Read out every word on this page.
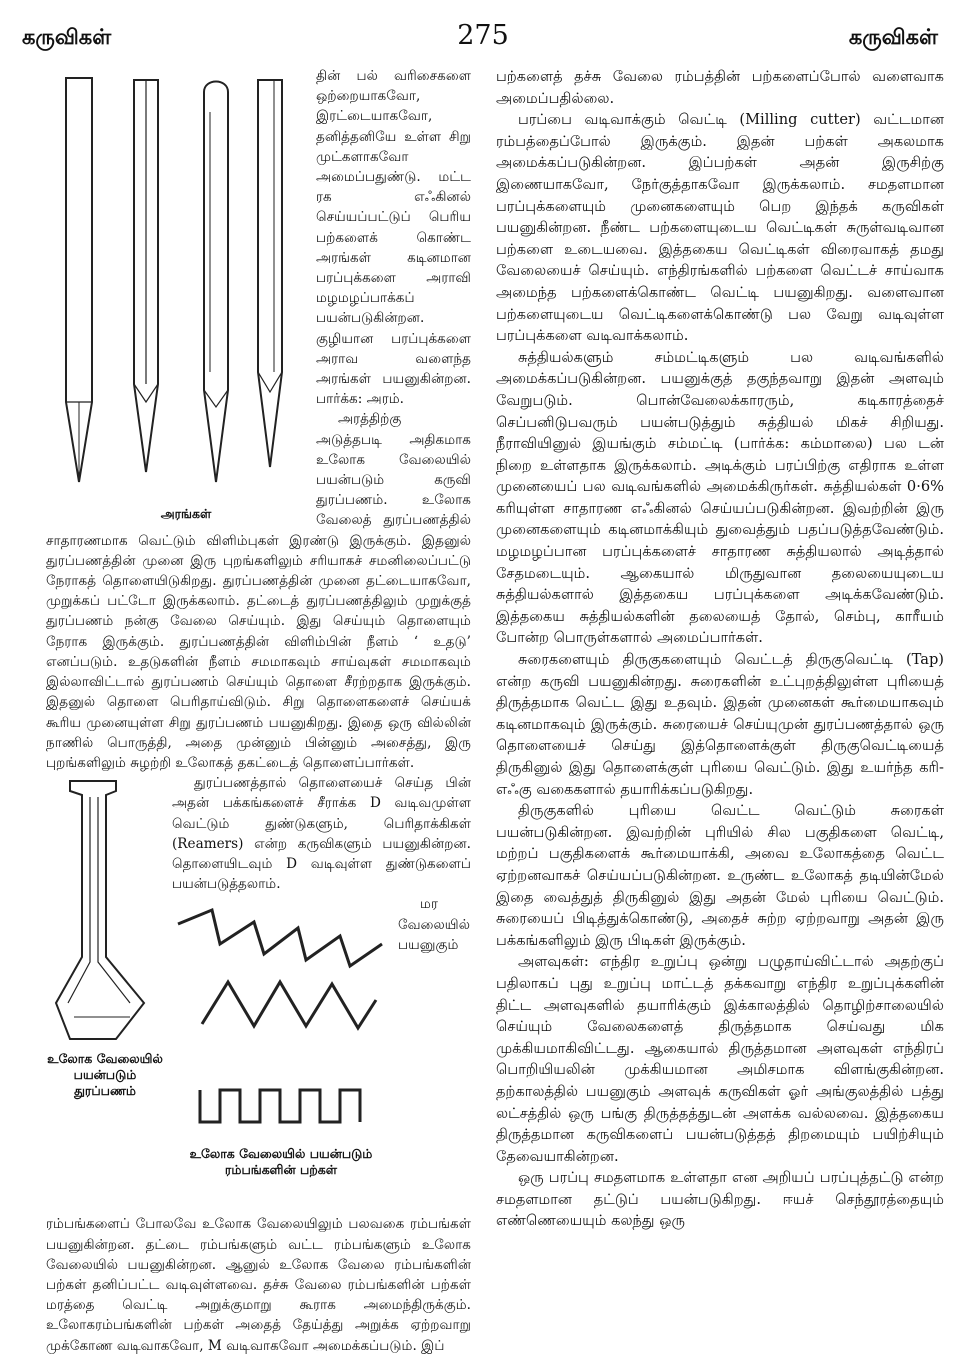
கருவிகள்	275	கருவிகள்
அரங்கள்

தின் பல் வரிசைகளை ஒற்றையாகவோ, இரட்டையாகவோ, தனித்தனியே உள்ள சிறு முட்களாகவோ அமைப்பதுண்டு. மட்ட ரக எஃகினல் செய்யப்பட்டுப் பெரிய பற்களைக் கொண்ட அரங்கள் கடினமான பரப்புக்களை அராவி மழமழப்பாக்கப் பயன்படுகின்றன. குழியான பரப்புக்களை அராவ வளைந்த அரங்கள் பயனுகின்றன. பார்க்க: அரம்.

அரத்திற்கு அடுத்தபடி அதிகமாக உலோக வேலையில் பயன்படும் கருவி துரப்பணம். உலோக வேலைத் துரப்பணத்தில் சாதாரணமாக வெட்டும் விளிம்புகள் இரண்டு இருக்கும். இதனுல் துரப்பணத்தின் முனை இரு புறங்களிலும் சரியாகச் சமனிலைப்பட்டு நேராகத் தொளையிடுகிறது. துரப்பணத்தின் முனை தட்டையாகவோ, முறுக்கப் பட்டோ இருக்கலாம். தட்டைத் துரப்பணத்திலும் முறுக்குத் துரப்பணம் நன்கு வேலை செய்யும். இது செய்யும் தொளையும் நேராக இருக்கும். துரப்பணத்தின் விளிம்பின் நீளம் ‘ உதடு’ எனப்படும். உதடுகளின் நீளம் சமமாகவும் சாய்வுகள் சமமாகவும் இல்லாவிட்டால் துரப்பணம் செய்யும் தொளை சீரற்றதாக இருக்கும். இதனுல் தொளை பெரிதாய்விடும். சிறு தொளைகளைச் செய்யக் கூரிய முனையுள்ள சிறு துரப்பணம் பயனுகிறது. இதை ஒரு வில்லின் நாணில் பொருத்தி, அதை முன்னும் பின்னும் அசைத்து, இரு புறங்களிலும் சுழற்றி உலோகத் தகட்டைத் தொளைப்பார்கள்.

உலோக வேலையில் பயன்படும் துரப்பணம்

துரப்பணத்தால் தொளையைச் செய்த பின் அதன் பக்கங்களைச் சீராக்க D வடிவமுள்ள வெட்டும் துண்டுகளும், பெரிதாக்கிகள் (Reamers) என்ற கருவிகளும் பயனுகின்றன. தொளையிடவும் D வடிவுள்ள துண்டுகளைப் பயன்படுத்தலாம்.

உலோக வேலையில் பயன்படும் ரம்பங்களின் பற்கள்

மர வேலையில் பயனுகும் ரம்பங்களைப் போலவே உலோக வேலையிலும் பலவகை ரம்பங்கள் பயனுகின்றன. தட்டை ரம்பங்களும் வட்ட ரம்பங்களும் உலோக வேலையில் பயனுகின்றன. ஆனுல் உலோக வேலை ரம்பங்களின் பற்கள் தனிப்பட்ட வடிவுள்ளவை. தச்சு வேலை ரம்பங்களின் பற்கள் மரத்தை வெட்டி அறுக்குமாறு கூராக அமைந்திருக்கும். உலோகரம்பங்களின் பற்கள் அதைத் தேய்த்து அறுக்க ஏற்றவாறு முக்கோண வடிவாகவோ, M வடிவாகவோ அமைக்கப்படும். இப்

பற்களைத் தச்சு வேலை ரம்பத்தின் பற்களைப்போல் வளைவாக அமைப்பதில்லை.

பரப்பை வடிவாக்கும் வெட்டி (Milling cutter) வட்டமான ரம்பத்தைப்போல் இருக்கும். இதன் பற்கள் அகலமாக அமைக்கப்படுகின்றன. இப்பற்கள் அதன் இருசிற்கு இணையாகவோ, நேர்குத்தாகவோ இருக்கலாம். சமதளமான பரப்புக்களையும் முனைகளையும் பெற இந்தக் கருவிகள் பயனுகின்றன. நீண்ட பற்களையுடைய வெட்டிகள் சுருள்வடிவான பற்களை உடையவை. இத்தகைய வெட்டிகள் விரைவாகத் தமது வேலையைச் செய்யும். எந்திரங்களில் பற்களை வெட்டச் சாய்வாக அமைந்த பற்களைக்கொண்ட வெட்டி பயனுகிறது. வளைவான பற்களையுடைய வெட்டிகளைக்கொண்டு பல வேறு வடிவுள்ள பரப்புக்களை வடிவாக்கலாம்.

சுத்தியல்களும் சம்மட்டிகளும் பல வடிவங்களில் அமைக்கப்படுகின்றன. பயனுக்குத் தகுந்தவாறு இதன் அளவும் வேறுபடும். பொன்வேலைக்காரரும், கடிகாரத்தைச் செப்பனிடுபவரும் பயன்படுத்தும் சுத்தியல் மிகச் சிறியது. நீராவியினுல் இயங்கும் சம்மட்டி (பார்க்க: கம்மாலை) பல டன் நிறை உள்ளதாக இருக்கலாம். அடிக்கும் பரப்பிற்கு எதிராக உள்ள முனையைப் பல வடிவங்களில் அமைக்கிருர்கள். சுத்தியல்கள் 0·6% கரியுள்ள சாதாரண எஃகினல் செய்யப்படுகின்றன. இவற்றின் இரு முனைகளையும் கடினமாக்கியும் துவைத்தும் பதப்படுத்தவேண்டும். மழமழப்பான பரப்புக்களைச் சாதாரண சுத்தியலால் அடித்தால் சேதமடையும். ஆகையால் மிருதுவான தலையையுடைய சுத்தியல்களால் இத்தகைய பரப்புக்களை அடிக்கவேண்டும். இத்தகைய சுத்தியல்களின் தலையைத் தோல், செம்பு, காரீயம் போன்ற பொருள்களால் அமைப்பார்கள்.

சுரைகளையும் திருகுகளையும் வெட்டத் திருகுவெட்டி (Tap) என்ற கருவி பயனுகின்றது. சுரைகளின் உட்புறத்திலுள்ள புரியைத் திருத்தமாக வெட்ட இது உதவும். இதன் முனைகள் கூர்மையாகவும் கடினமாகவும் இருக்கும். சுரையைச் செய்யுமுன் துரப்பணத்தால் ஒரு தொளையைச் செய்து இத்தொளைக்குள் திருகுவெட்டியைத் திருகினுல் இது தொளைக்குள் புரியை வெட்டும். இது உயர்ந்த கரி-எஃகு வகைகளால் தயாரிக்கப்படுகிறது.

திருகுகளில் புரியை வெட்ட வெட்டும் சுரைகள் பயன்படுகின்றன. இவற்றின் புரியில் சில பகுதிகளை வெட்டி, மற்றப் பகுதிகளைக் கூர்மையாக்கி, அவை உலோகத்தை வெட்ட ஏற்றனவாகச் செய்யப்படுகின்றன. உருண்ட உலோகத் தடியின்மேல் இதை வைத்துத் திருகினுல் இது அதன் மேல் புரியை வெட்டும். சுரையைப் பிடித்துக்கொண்டு, அதைச் சுற்ற ஏற்றவாறு அதன் இரு பக்கங்களிலும் இரு பிடிகள் இருக்கும்.

அளவுகள்: எந்திர உறுப்பு ஒன்று பழுதாய்விட்டால் அதற்குப் பதிலாகப் புது உறுப்பு மாட்டத் தக்கவாறு எந்திர உறுப்புக்களின் திட்ட அளவுகளில் தயாரிக்கும் இக்காலத்தில் தொழிற்சாலையில் செய்யும் வேலைகளைத் திருத்தமாக செய்வது மிக முக்கியமாகிவிட்டது. ஆகையால் திருத்தமான அளவுகள் எந்திரப் பொறியியலின் முக்கியமான அமிசமாக விளங்குகின்றன. தற்காலத்தில் பயனுகும் அளவுக் கருவிகள் ஓர் அங்குலத்தில் பத்து லட்சத்தில் ஒரு பங்கு திருத்தத்துடன் அளக்க வல்லவை. இத்தகைய திருத்தமான கருவிகளைப் பயன்படுத்தத் திறமையும் பயிற்சியும் தேவையாகின்றன.

ஒரு பரப்பு சமதளமாக உள்ளதா என அறியப் பரப்புத்தட்டு என்ற சமதளமான தட்டுப் பயன்படுகிறது. ஈயச் செந்தூரத்தையும் எண்ணெயையும் கலந்து ஒரு
